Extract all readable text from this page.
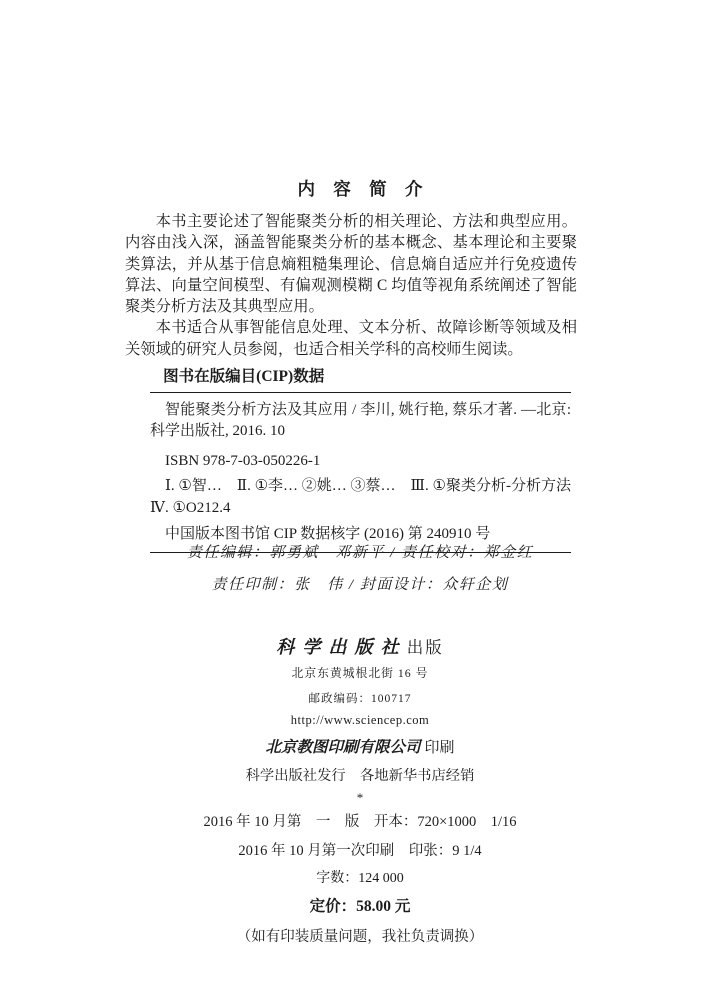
内容简介

本书主要论述了智能聚类分析的相关理论、方法和典型应用。内容由浅入深，涵盖智能聚类分析的基本概念、基本理论和主要聚类算法，并从基于信息熵粗糙集理论、信息熵自适应并行免疫遗传算法、向量空间模型、有偏观测模糊 C 均值等视角系统阐述了智能聚类分析方法及其典型应用。

本书适合从事智能信息处理、文本分析、故障诊断等领域及相关领域的研究人员参阅，也适合相关学科的高校师生阅读。

图书在版编目(CIP)数据

智能聚类分析方法及其应用 / 李川, 姚行艳, 蔡乐才著. —北京: 科学出版社, 2016. 10

ISBN 978-7-03-050226-1

Ⅰ. ①智…　Ⅱ. ①李… ②姚… ③蔡…　Ⅲ. ①聚类分析-分析方法 Ⅳ. ①O212.4

中国版本图书馆 CIP 数据核字 (2016) 第 240910 号

责任编辑：郭勇斌　邓新平 / 责任校对：郑金红
责任印制：张　伟 / 封面设计：众轩企划
科学出版社出版
北京东黄城根北街 16 号
邮政编码：100717
http://www.sciencep.com
北京教图印刷有限公司 印刷
科学出版社发行　各地新华书店经销
*
2016 年 10 月第　一　版　开本：720×1000　1/16
2016 年 10 月第一次印刷　印张：9 1/4
字数：124 000
定价：58.00 元
（如有印装质量问题，我社负责调换）
